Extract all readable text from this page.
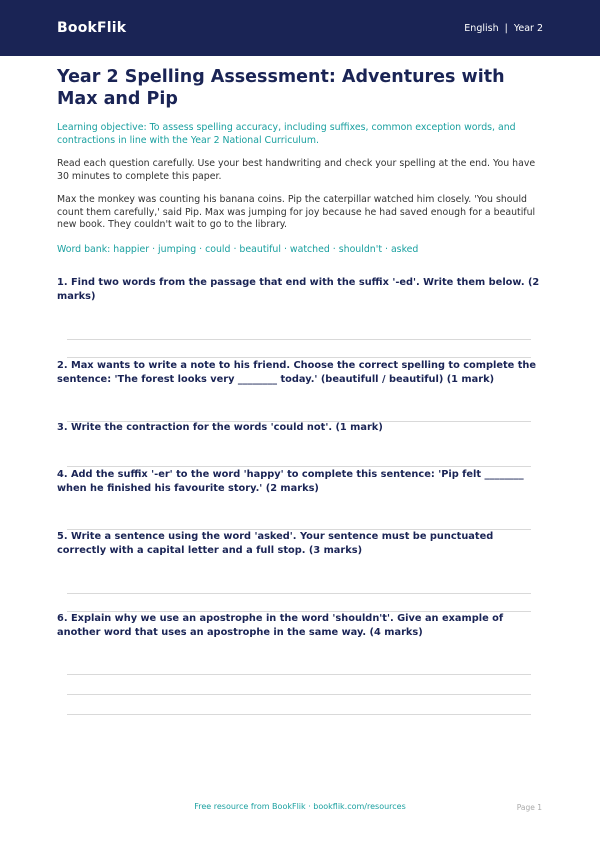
BookFlik	English | Year 2
Year 2 Spelling Assessment: Adventures with Max and Pip

Learning objective: To assess spelling accuracy, including suffixes, common exception words, and contractions in line with the Year 2 National Curriculum.

Read each question carefully. Use your best handwriting and check your spelling at the end. You have 30 minutes to complete this paper.

Max the monkey was counting his banana coins. Pip the caterpillar watched him closely. 'You should count them carefully,' said Pip. Max was jumping for joy because he had saved enough for a beautiful new book. They couldn't wait to go to the library.

Word bank: happier · jumping · could · beautiful · watched · shouldn't · asked

1. Find two words from the passage that end with the suffix '-ed'. Write them below. (2 marks)
2. Max wants to write a note to his friend. Choose the correct spelling to complete the sentence: 'The forest looks very ________ today.' (beautifull / beautiful) (1 mark)
3. Write the contraction for the words 'could not'. (1 mark)
4. Add the suffix '-er' to the word 'happy' to complete this sentence: 'Pip felt ________ when he finished his favourite story.' (2 marks)
5. Write a sentence using the word 'asked'. Your sentence must be punctuated correctly with a capital letter and a full stop. (3 marks)
6. Explain why we use an apostrophe in the word 'shouldn't'. Give an example of another word that uses an apostrophe in the same way. (4 marks)
Free resource from BookFlik · bookflik.com/resources	Page 1
